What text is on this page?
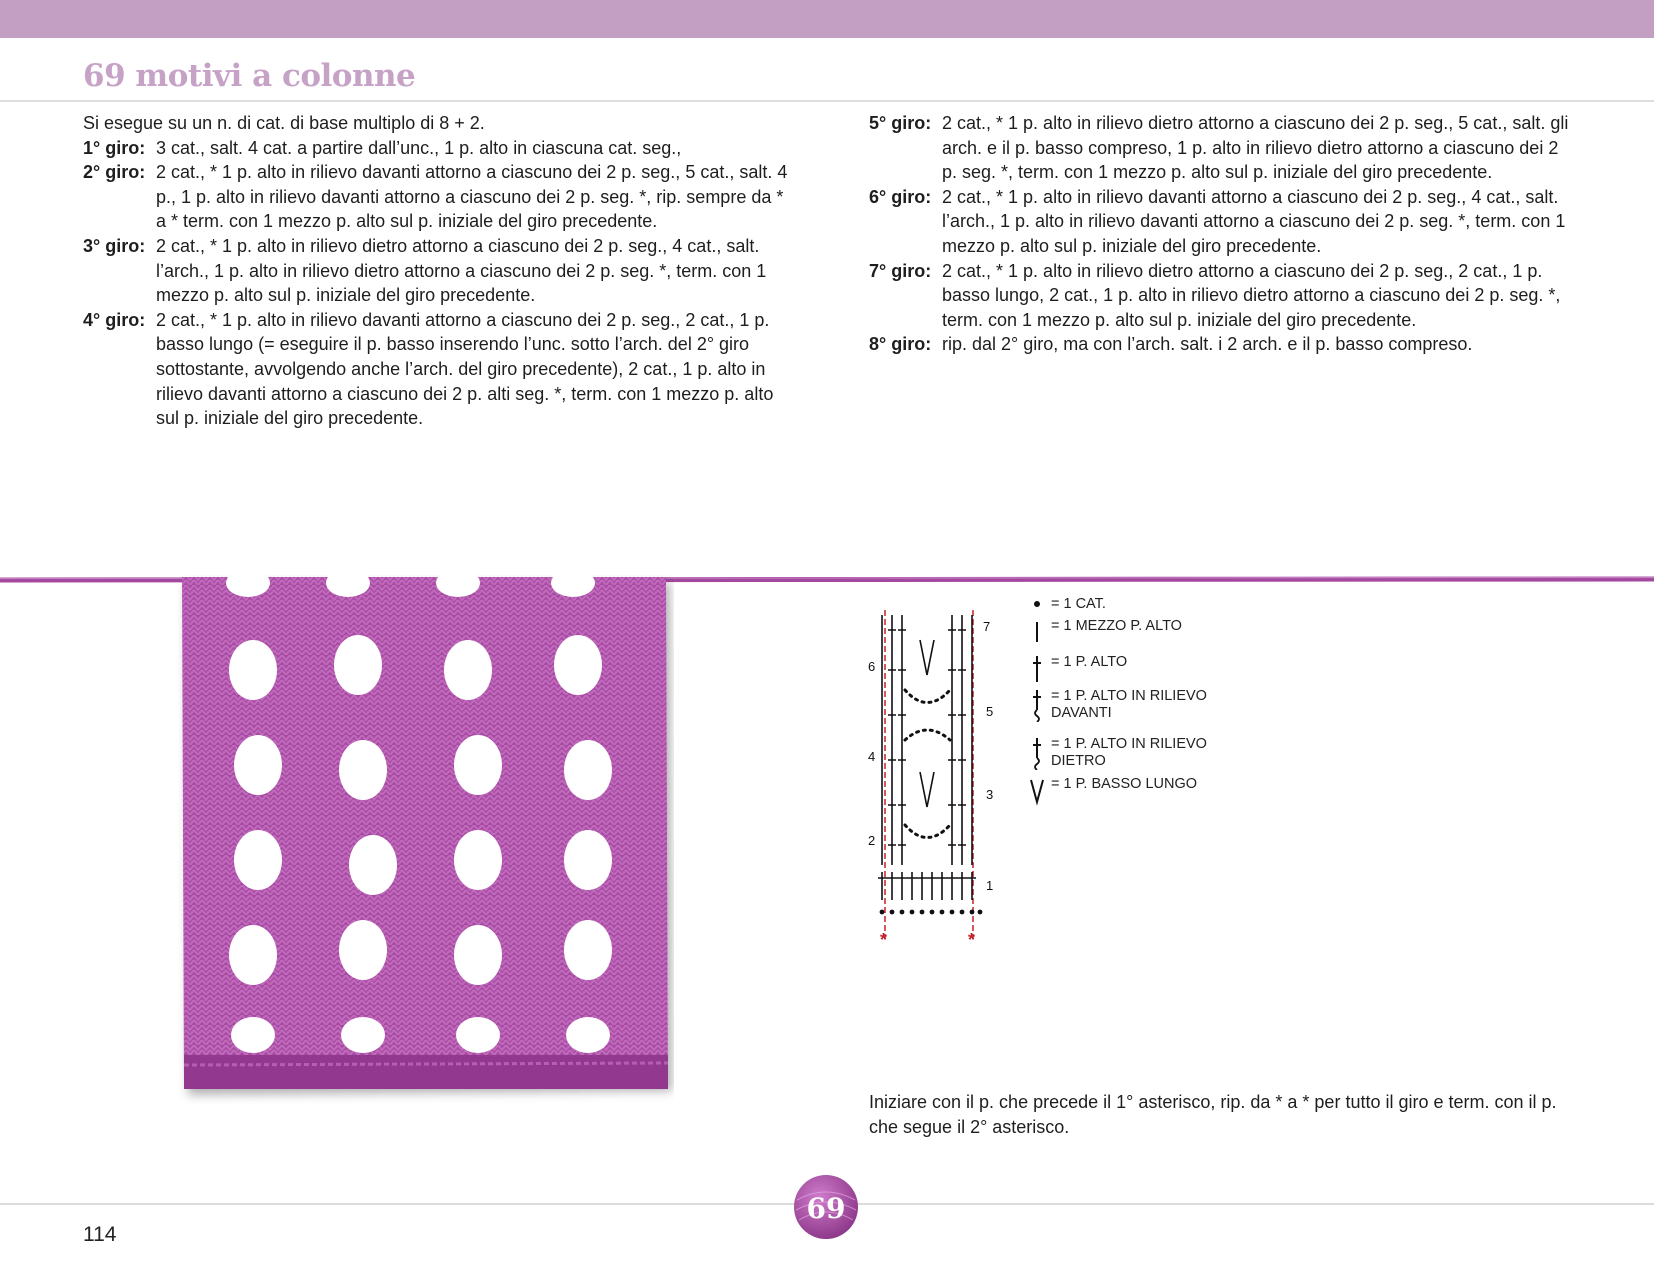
69 motivi a colonne

Si esegue su un n. di cat. di base multiplo di 8 + 2.

1° giro: 3 cat., salt. 4 cat. a partire dall’unc., 1 p. alto in ciascuna cat. seg.,

2° giro: 2 cat., * 1 p. alto in rilievo davanti attorno a ciascuno dei 2 p. seg., 5 cat., salt. 4 p., 1 p. alto in rilievo davanti attorno a ciascuno dei 2 p. seg. *, rip. sempre da * a * term. con 1 mezzo p. alto sul p. iniziale del giro precedente.

3° giro: 2 cat., * 1 p. alto in rilievo dietro attorno a ciascuno dei 2 p. seg., 4 cat., salt. l’arch., 1 p. alto in rilievo dietro attorno a ciascuno dei 2 p. seg. *, term. con 1 mezzo p. alto sul p. iniziale del giro precedente.

4° giro: 2 cat., * 1 p. alto in rilievo davanti attorno a ciascuno dei 2 p. seg., 2 cat., 1 p. basso lungo (= eseguire il p. basso inserendo l’unc. sotto l’arch. del 2° giro sottostante, avvolgendo anche l’arch. del giro precedente), 2 cat., 1 p. alto in rilievo davanti attorno a ciascuno dei 2 p. alti seg. *, term. con 1 mezzo p. alto sul p. iniziale del giro precedente.

5° giro: 2 cat., * 1 p. alto in rilievo dietro attorno a ciascuno dei 2 p. seg., 5 cat., salt. gli arch. e il p. basso compreso, 1 p. alto in rilievo dietro attorno a ciascuno dei 2 p. seg. *, term. con 1 mezzo p. alto sul p. iniziale del giro precedente.

6° giro: 2 cat., * 1 p. alto in rilievo davanti attorno a ciascuno dei 2 p. seg., 4 cat., salt. l’arch., 1 p. alto in rilievo davanti attorno a ciascuno dei 2 p. seg. *, term. con 1 mezzo p. alto sul p. iniziale del giro precedente.

7° giro: 2 cat., * 1 p. alto in rilievo dietro attorno a ciascuno dei 2 p. seg., 2 cat., 1 p. basso lungo, 2 cat., 1 p. alto in rilievo dietro attorno a ciascuno dei 2 p. seg. *, term. con 1 mezzo p. alto sul p. iniziale del giro precedente.

8° giro: rip. dal 2° giro, ma con l’arch. salt. i 2 arch. e il p. basso compreso.

7
6
5
4
3
2
1
*	*
= 1 CAT.
= 1 MEZZO P. ALTO
= 1 P. ALTO
= 1 P. ALTO IN RILIEVO
DAVANTI
= 1 P. ALTO IN RILIEVO
DIETRO
= 1 P. BASSO LUNGO

Iniziare con il p. che precede il 1° asterisco, rip. da * a * per tutto il giro e term. con il p. che segue il 2° asterisco.

69

114
